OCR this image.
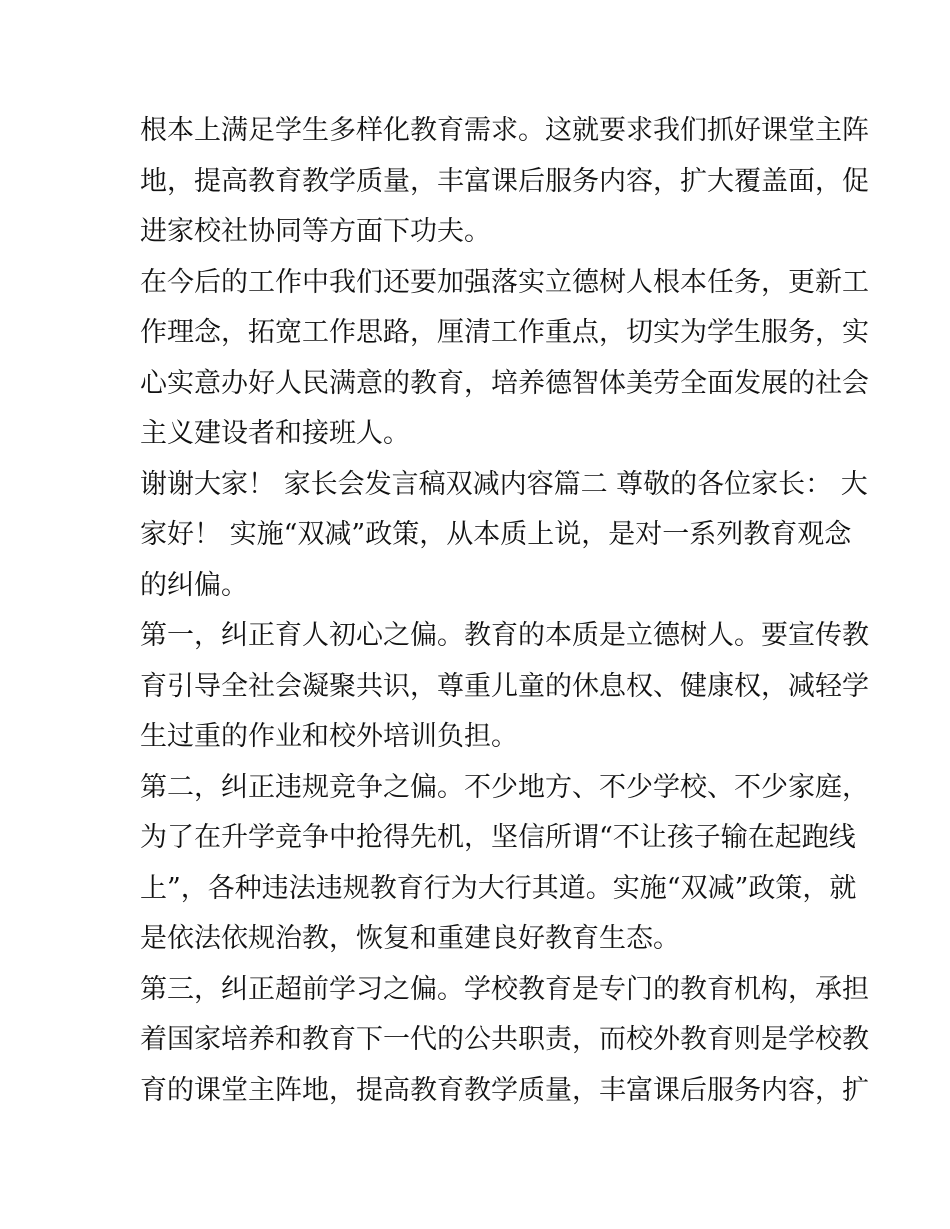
根本上满足学生多样化教育需求。这就要求我们抓好课堂主阵
地，提高教育教学质量，丰富课后服务内容，扩大覆盖面，促
进家校社协同等方面下功夫。
在今后的工作中我们还要加强落实立德树人根本任务，更新工
作理念，拓宽工作思路，厘清工作重点，切实为学生服务，实
心实意办好人民满意的教育，培养德智体美劳全面发展的社会
主义建设者和接班人。
谢谢大家！ 家长会发言稿双减内容篇二 尊敬的各位家长： 大
家好！ 实施“双减”政策，从本质上说，是对一系列教育观念
的纠偏。
第一，纠正育人初心之偏。教育的本质是立德树人。要宣传教
育引导全社会凝聚共识，尊重儿童的休息权、健康权，减轻学
生过重的作业和校外培训负担。
第二，纠正违规竞争之偏。不少地方、不少学校、不少家庭，
为了在升学竞争中抢得先机，坚信所谓“不让孩子输在起跑线
上”，各种违法违规教育行为大行其道。实施“双减”政策，就
是依法依规治教，恢复和重建良好教育生态。
第三，纠正超前学习之偏。学校教育是专门的教育机构，承担
着国家培养和教育下一代的公共职责，而校外教育则是学校教
育的课堂主阵地，提高教育教学质量，丰富课后服务内容，扩
